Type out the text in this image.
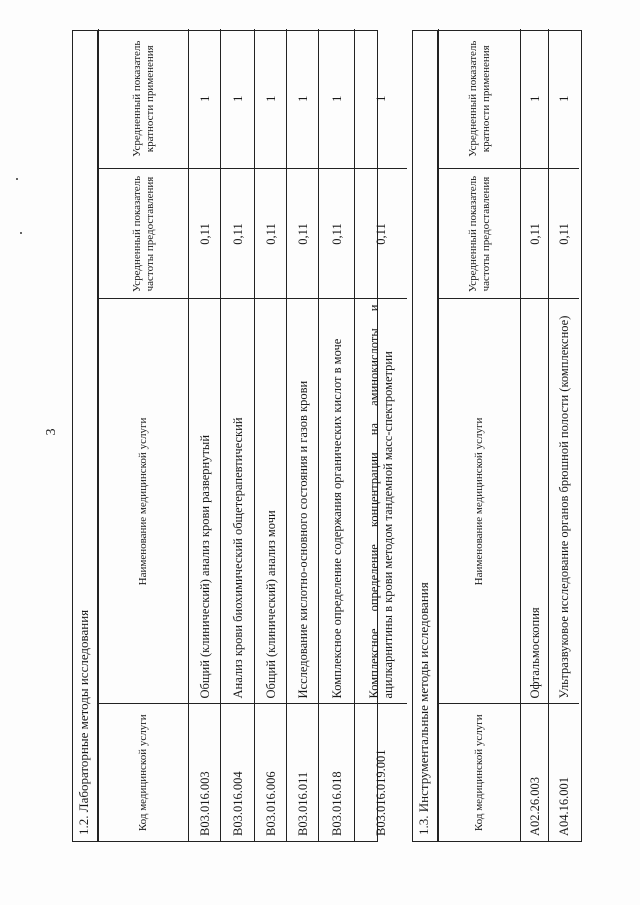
3
1.2. Лабораторные методы исследования	Код медицинской услуги	Наименование медицинской услуги	Усредненный показатель частоты предоставления	Усредненный показатель кратности применения
B03.016.003	Общий (клинический) анализ крови развернутый	0,11	1
B03.016.004	Анализ крови биохимический общетерапевтический	0,11	1
B03.016.006	Общий (клинический) анализ мочи	0,11	1
B03.016.011	Исследование кислотно-основного состояния и газов крови	0,11	1
B03.016.018	Комплексное определение содержания органических кислот в моче	0,11	1
B03.016.019.001	Комплексное определение концентрации на аминокислоты и ацилкарнитины в крови методом тандемной масс-спектрометрии	0,11	1
1.3. Инструментальные методы исследования	Код медицинской услуги	Наименование медицинской услуги	Усредненный показатель частоты предоставления	Усредненный показатель кратности применения
A02.26.003	Офтальмоскопия	0,11	1
A04.16.001	Ультразвуковое исследование органов брюшной полости (комплексное)	0,11	1
